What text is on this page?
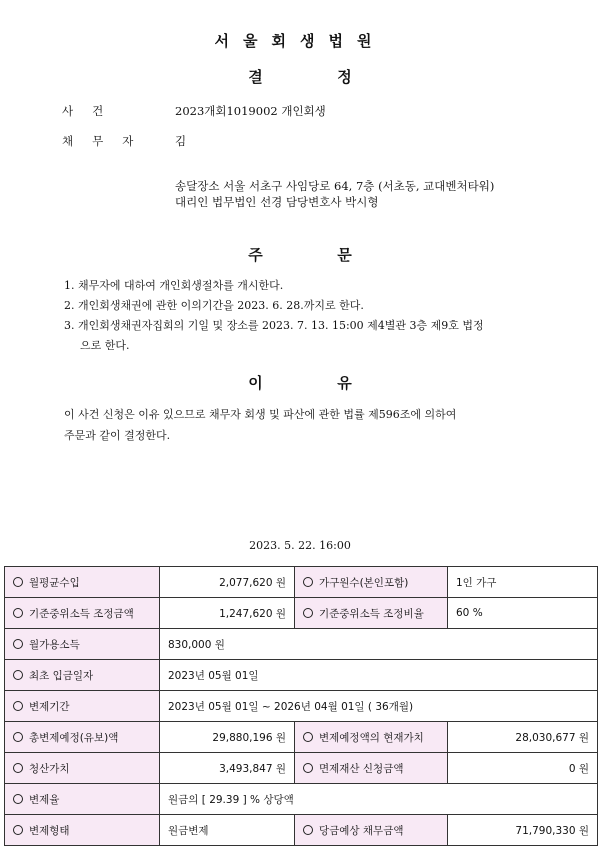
서울회생법원
결	정
사건	2023개회1019002 개인회생
채무자 김
송달장소 서울 서초구 사임당로 64, 7층 (서초동, 교대벤처타워)
대리인 법무법인 선경 담당변호사 박시형
주	문

1. 채무자에 대하여 개인회생절차를 개시한다.

2. 개인회생채권에 관한 이의기간을 2023. 6. 28.까지로 한다.

3. 개인회생채권자집회의 기일 및 장소를 2023. 7. 13. 15:00 제4별관 3층 제9호 법정

으로 한다.

이	유
이 사건 신청은 이유 있으므로 채무자 회생 및 파산에 관한 법률 제596조에 의하여
주문과 같이 결정한다.
2023. 5. 22. 16:00
월평균수입	2,077,620 원	가구원수(본인포함)	1인 가구
기준중위소득 조정금액	1,247,620 원	기준중위소득 조정비율	60 %
월가용소득	830,000 원		
최초 입금일자	2023년 05월 01일		
변제기간	2023년 05월 01일 ~ 2026년 04월 01일 ( 36개월)		
총변제예정(유보)액	29,880,196 원	변제예정액의 현재가치	28,030,677 원
청산가치	3,493,847 원	면제재산 신청금액	0 원
변제율	원금의 [ 29.39 ] % 상당액		
변제형태	원금변제	당금예상 채무금액	71,790,330 원
